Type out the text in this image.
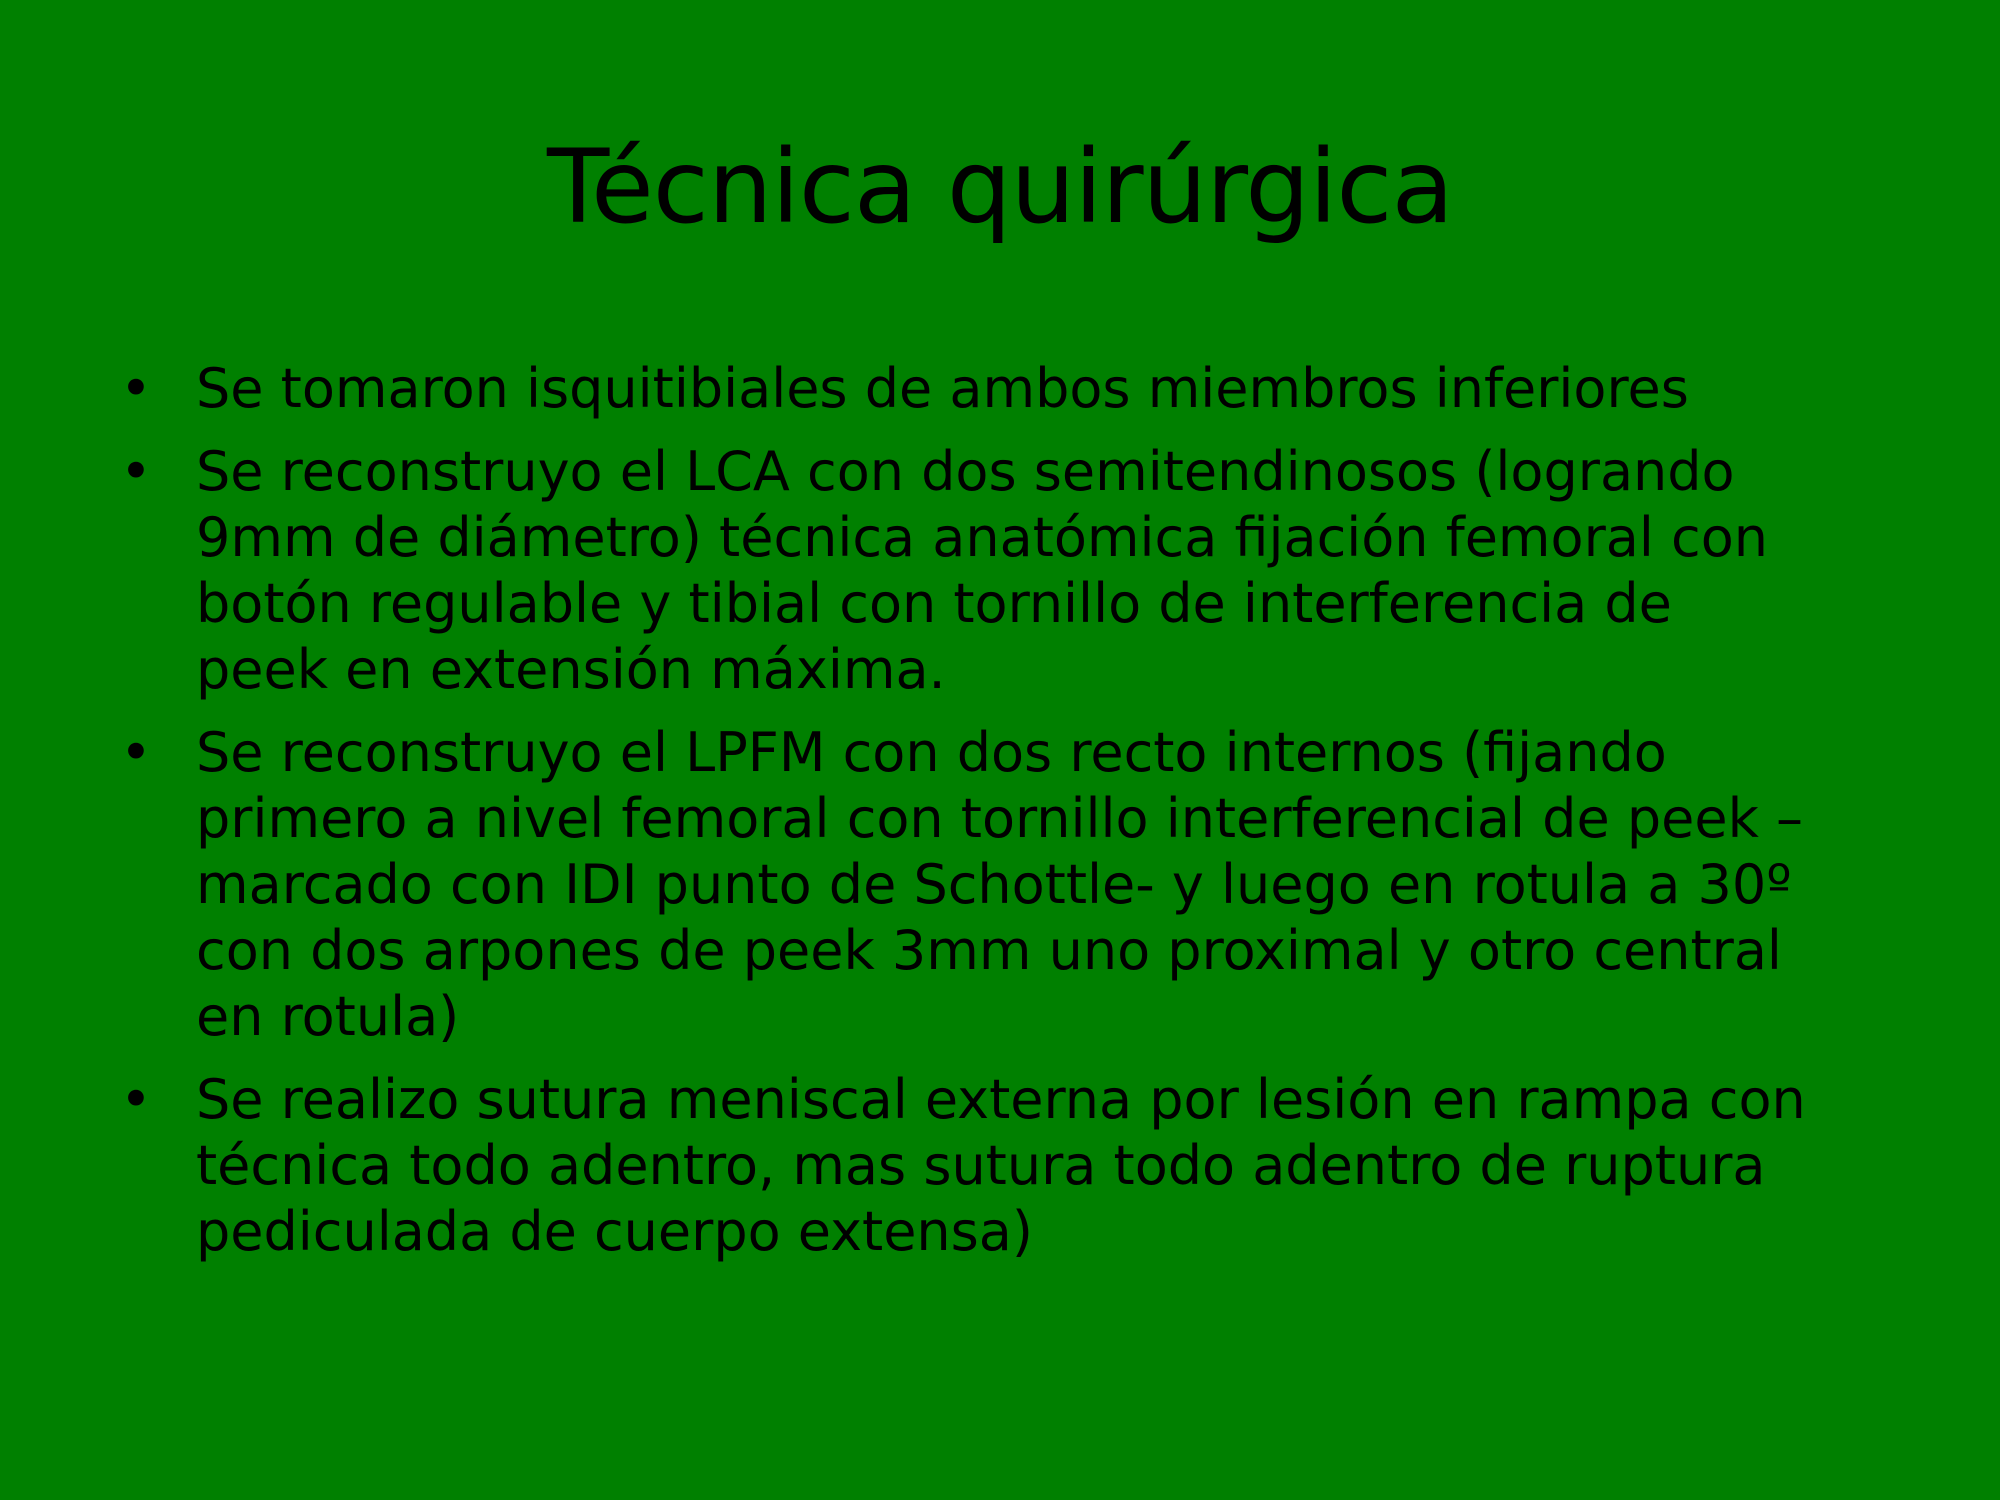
Técnica quirúrgica
• Se tomaron isquitibiales de ambos miembros inferiores
• Se reconstruyo el LCA con dos semitendinosos (logrando
9mm de diámetro) técnica anatómica fijación femoral con
botón regulable y tibial con tornillo de interferencia de
peek en extensión máxima.
• Se reconstruyo el LPFM con dos recto internos (fijando
primero a nivel femoral con tornillo interferencial de peek –
marcado con IDI punto de Schottle- y luego en rotula a 30º
con dos arpones de peek 3mm uno proximal y otro central
en rotula)
• Se realizo sutura meniscal externa por lesión en rampa con
técnica todo adentro, mas sutura todo adentro de ruptura
pediculada de cuerpo extensa)
